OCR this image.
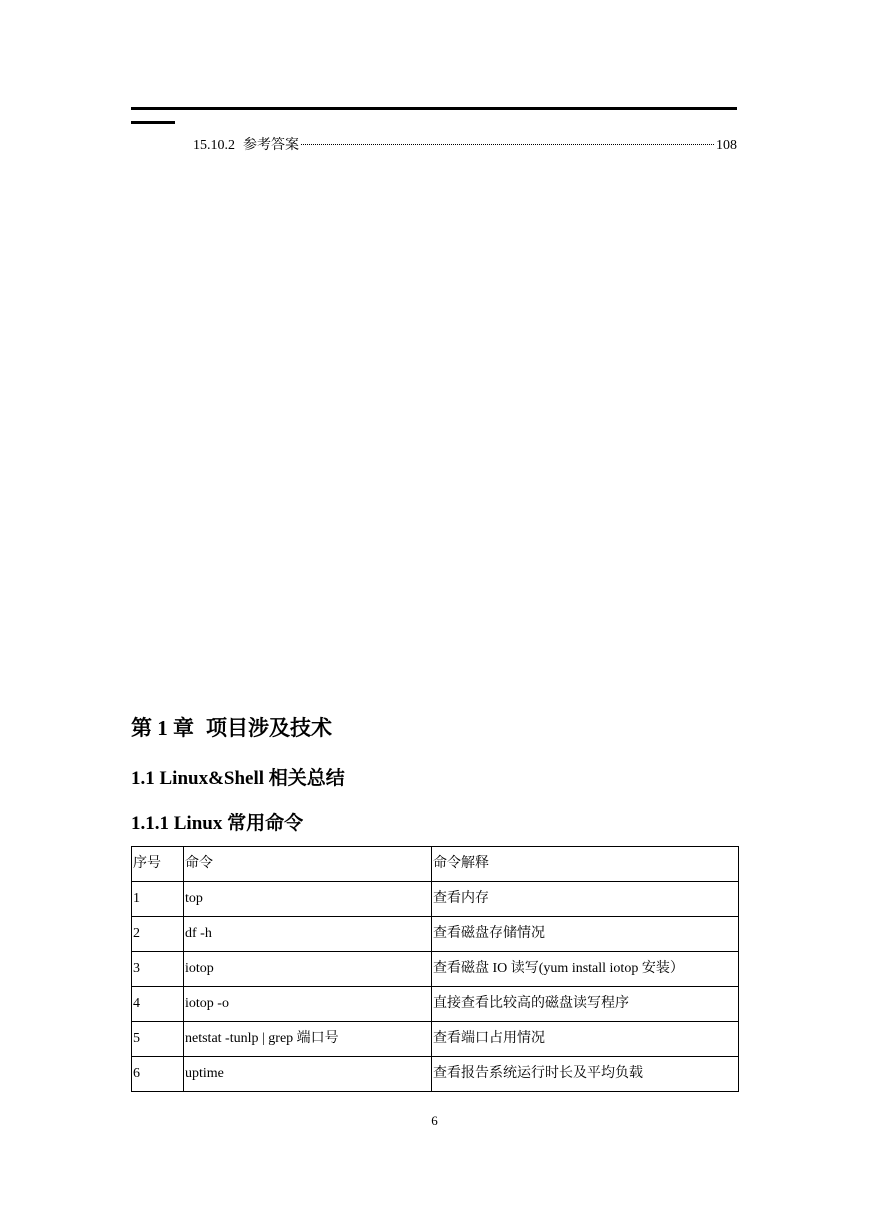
15.10.2 参考答案	108
第 1 章 项目涉及技术
1.1 Linux&Shell 相关总结
1.1.1 Linux 常用命令
序号	命令	命令解释
1	top	查看内存
2	df -h	查看磁盘存储情况
3	iotop	查看磁盘 IO 读写(yum install iotop 安装）
4	iotop -o	直接查看比较高的磁盘读写程序
5	netstat -tunlp | grep 端口号	查看端口占用情况
6	uptime	查看报告系统运行时长及平均负载
6
